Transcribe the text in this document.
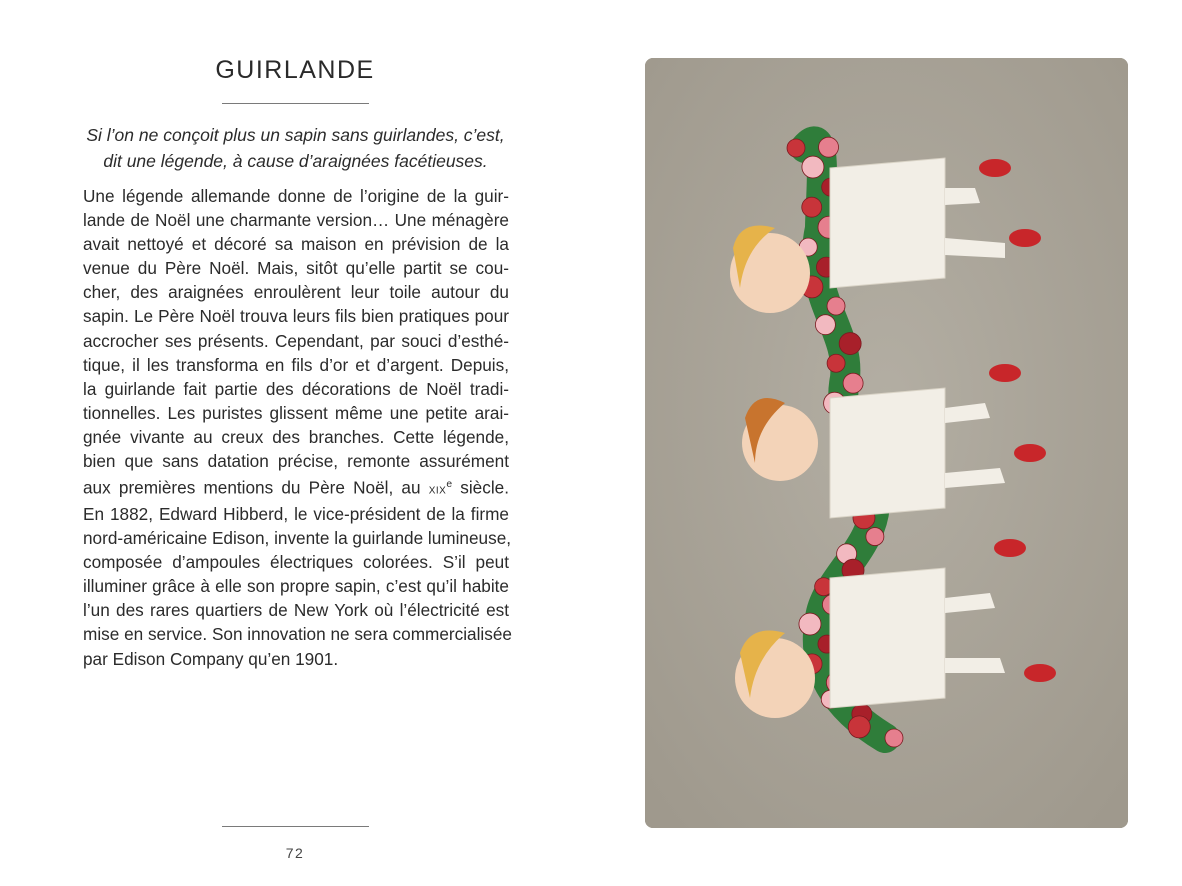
GUIRLANDE
Si l’on ne conçoit plus un sapin sans guirlandes, c’est,
dit une légende, à cause d’araignées facétieuses.
Une légende allemande donne de l’origine de la guir-
lande de Noël une charmante version… Une ménagère
avait nettoyé et décoré sa maison en prévision de la
venue du Père Noël. Mais, sitôt qu’elle partit se cou-
cher, des araignées enroulèrent leur toile autour du
sapin. Le Père Noël trouva leurs fils bien pratiques pour
accrocher ses présents. Cependant, par souci d’esthé-
tique, il les transforma en fils d’or et d’argent. Depuis,
la guirlande fait partie des décorations de Noël tradi-
tionnelles. Les puristes glissent même une petite arai-
gnée vivante au creux des branches. Cette légende,
bien que sans datation précise, remonte assurément
aux premières mentions du Père Noël, au xix$^e$ siècle.
En 1882, Edward Hibberd, le vice-président de la firme
nord-américaine Edison, invente la guirlande lumineuse,
composée d’ampoules électriques colorées. S’il peut
illuminer grâce à elle son propre sapin, c’est qu’il habite
l’un des rares quartiers de New York où l’électricité est
mise en service. Son innovation ne sera commercialisée
par Edison Company qu’en 1901.
72
